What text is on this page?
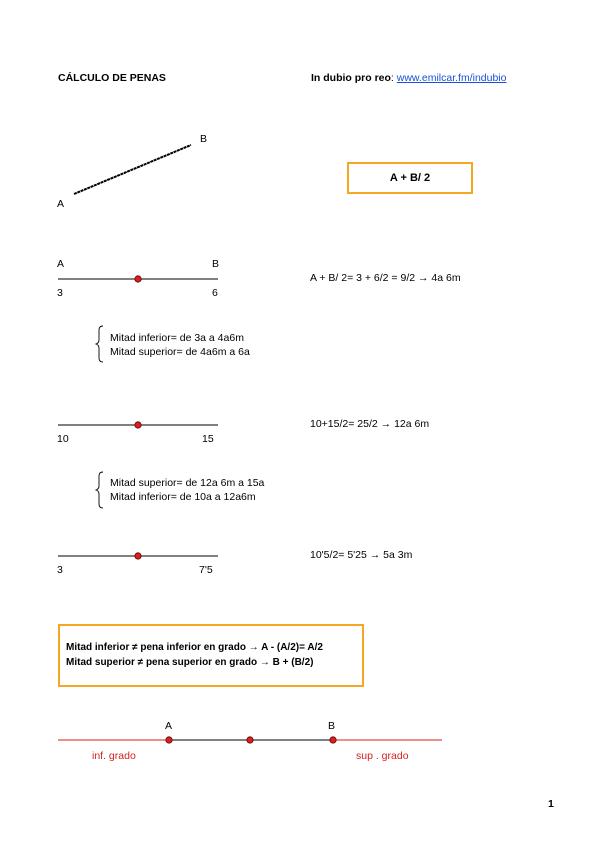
CÁLCULO DE PENAS	In dubio pro reo: www.emilcar.fm/indubio
A
B
A + B/ 2
A	B
3	6
A + B/ 2= 3 + 6/2 = 9/2 → 4a 6m
Mitad inferior= de 3a a 4a6m
Mitad superior= de 4a6m a 6a
10	15
10+15/2= 25/2 → 12a 6m
Mitad superior= de 12a 6m a 15a
Mitad inferior= de 10a a 12a6m
3	7'5
10'5/2= 5'25 → 5a 3m
Mitad inferior ≠ pena inferior en grado → A - (A/2)= A/2
Mitad superior ≠ pena superior en grado → B + (B/2)
A	B
inf. grado	sup . grado
1
